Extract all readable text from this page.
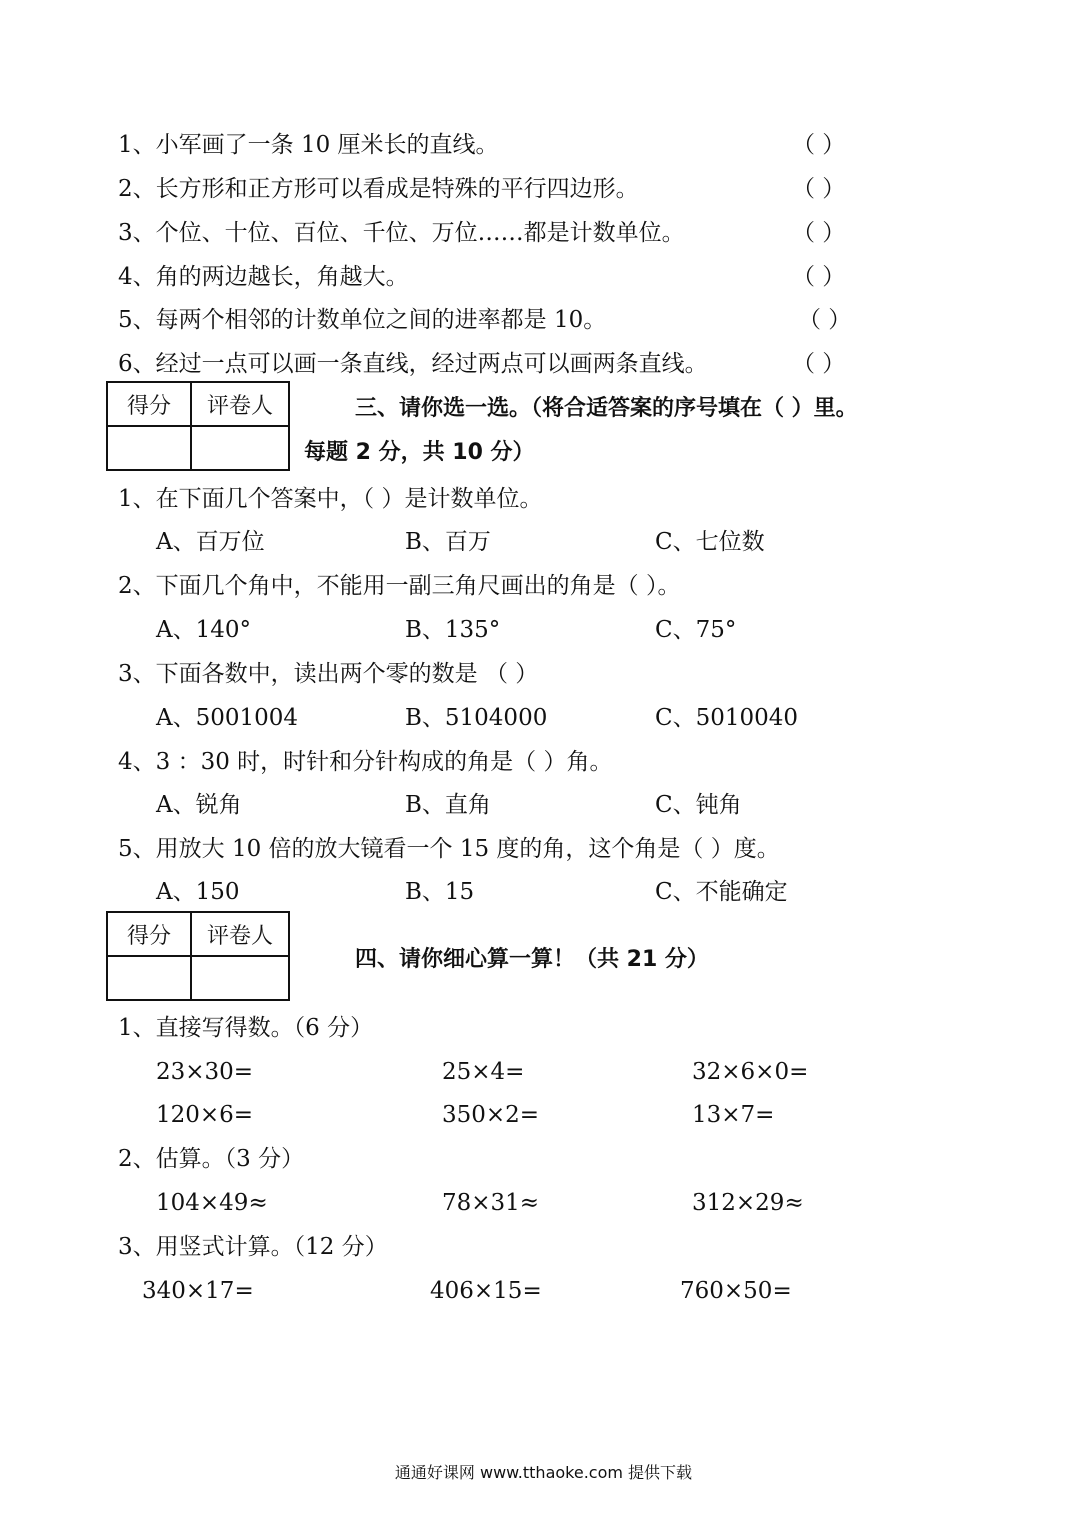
1、小军画了一条 10 厘米长的直线。	（ ）
2、长方形和正方形可以看成是特殊的平行四边形。	（ ）
3、个位、十位、百位、千位、万位……都是计数单位。	（ ）
4、角的两边越长，角越大。	（ ）
5、每两个相邻的计数单位之间的进率都是 10。	（ ）
6、经过一点可以画一条直线，经过两点可以画两条直线。	（ ）
得分	评卷人
		三、请你选一选。（将合适答案的序号填在（ ）里。
每题 2 分，共 10 分）
1、在下面几个答案中，（ ）是计数单位。
A、百万位	B、百万	C、七位数
2、下面几个角中，不能用一副三角尺画出的角是（ ）。
A、140°	B、135°	C、75°
3、下面各数中，读出两个零的数是 （ ）
A、5001004	B、5104000	C、5010040
4、3 ：30 时，时针和分针构成的角是（ ）角。
A、锐角	B、直角	C、钝角
5、用放大 10 倍的放大镜看一个 15 度的角，这个角是（ ）度。
A、150	B、15	C、不能确定
得分	评卷人

四、请你细心算一算！（共 21 分）
1、直接写得数。（6 分）
23×30=	25×4=	32×6×0=
120×6=	350×2=	13×7=
2、估算。（3 分）
104×49≈	78×31≈	312×29≈
3、用竖式计算。（12 分）
340×17=	406×15=	760×50=
通通好课网 www.tthaoke.com 提供下载
